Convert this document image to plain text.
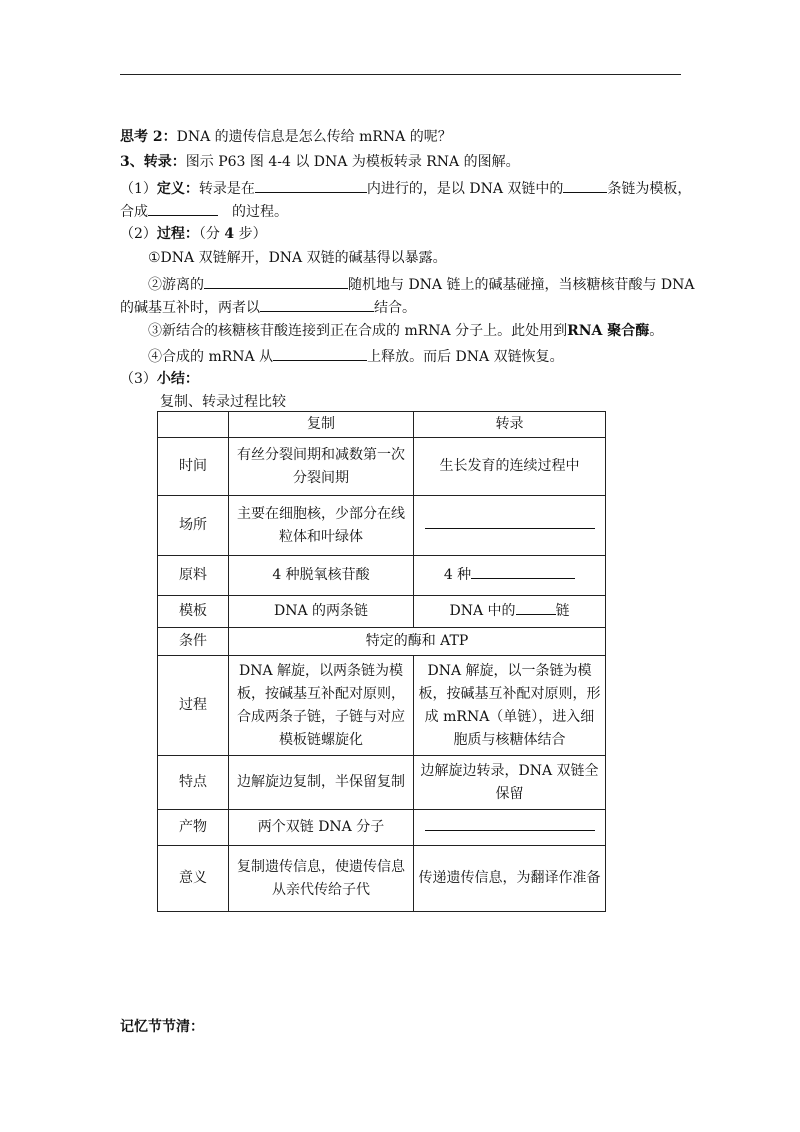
思考 2：DNA 的遗传信息是怎么传给 mRNA 的呢？
3、转录：图示 P63 图 4-4 以 DNA 为模板转录 RNA 的图解。
（1）定义：转录是在	内进行的，是以 DNA 双链中的	条链为模板，
合成	的过程。
（2）过程：（分 4 步）
①DNA 双链解开，DNA 双链的碱基得以暴露。
②游离的	随机地与 DNA 链上的碱基碰撞，当核糖核苷酸与 DNA
的碱基互补时，两者以	结合。
③新结合的核糖核苷酸连接到正在合成的 mRNA 分子上。此处用到RNA 聚合酶。
④合成的 mRNA 从	上释放。而后 DNA 双链恢复。
（3）小结：
复制、转录过程比较
	复制	转录
时间	有丝分裂间期和减数第一次分裂间期	生长发育的连续过程中
场所	主要在细胞核，少部分在线粒体和叶绿体	
原料	4 种脱氧核苷酸	4 种
模板	DNA 的两条链	DNA 中的 链
条件	特定的酶和 ATP	
过程	DNA 解旋，以两条链为模板，按碱基互补配对原则，合成两条子链，子链与对应模板链螺旋化	DNA 解旋，以一条链为模板，按碱基互补配对原则，形成 mRNA（单链），进入细胞质与核糖体结合
特点	边解旋边复制，半保留复制	边解旋边转录，DNA 双链全保留
产物	两个双链 DNA 分子	
意义	复制遗传信息，使遗传信息从亲代传给子代	传递遗传信息，为翻译作准备
记忆节节清：
